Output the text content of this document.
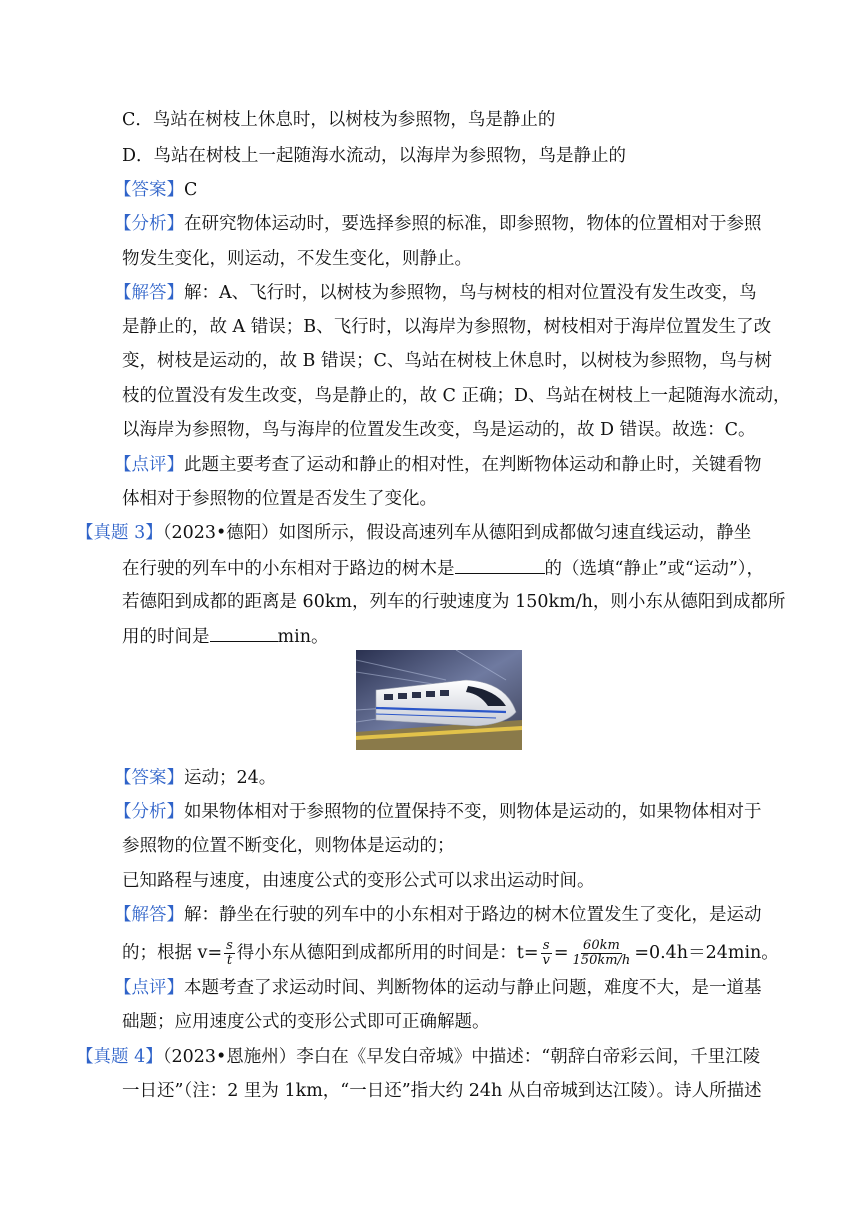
C．鸟站在树枝上休息时，以树枝为参照物，鸟是静止的
D．鸟站在树枝上一起随海水流动，以海岸为参照物，鸟是静止的
【答案】C
【分析】在研究物体运动时，要选择参照的标准，即参照物，物体的位置相对于参照
物发生变化，则运动，不发生变化，则静止。
【解答】解：A、飞行时，以树枝为参照物，鸟与树枝的相对位置没有发生改变，鸟
是静止的，故 A 错误；B、飞行时，以海岸为参照物，树枝相对于海岸位置发生了改
变，树枝是运动的，故 B 错误；C、鸟站在树枝上休息时，以树枝为参照物，鸟与树
枝的位置没有发生改变，鸟是静止的，故 C 正确；D、鸟站在树枝上一起随海水流动，
以海岸为参照物，鸟与海岸的位置发生改变，鸟是运动的，故 D 错误。故选：C。
【点评】此题主要考查了运动和静止的相对性，在判断物体运动和静止时，关键看物
体相对于参照物的位置是否发生了变化。
【真题 3】（2023•德阳）如图所示，假设高速列车从德阳到成都做匀速直线运动，静坐
在行驶的列车中的小东相对于路边的树木是	的（选填“静止”或“运动”），
若德阳到成都的距离是 60km，列车的行驶速度为 150km/h，则小东从德阳到成都所
用的时间是	min。
【答案】运动；24。
【分析】如果物体相对于参照物的位置保持不变，则物体是运动的，如果物体相对于
参照物的位置不断变化，则物体是运动的；
已知路程与速度，由速度公式的变形公式可以求出运动时间。
【解答】解：静坐在行驶的列车中的小东相对于路边的树木位置发生了变化，是运动
的；根据 $v= \frac{s}{t}$ 得小东从德阳到成都所用的时间是：$t= \frac{s}{v} = \frac{60km}{150km/h} =0.4h=24\min$。
【点评】本题考查了求运动时间、判断物体的运动与静止问题，难度不大，是一道基
础题；应用速度公式的变形公式即可正确解题。
【真题 4】（2023•恩施州）李白在《早发白帝城》中描述：“朝辞白帝彩云间，千里江陵
一日还”（注：2 里为 1km，“一日还”指大约 24h 从白帝城到达江陵）。诗人所描述
